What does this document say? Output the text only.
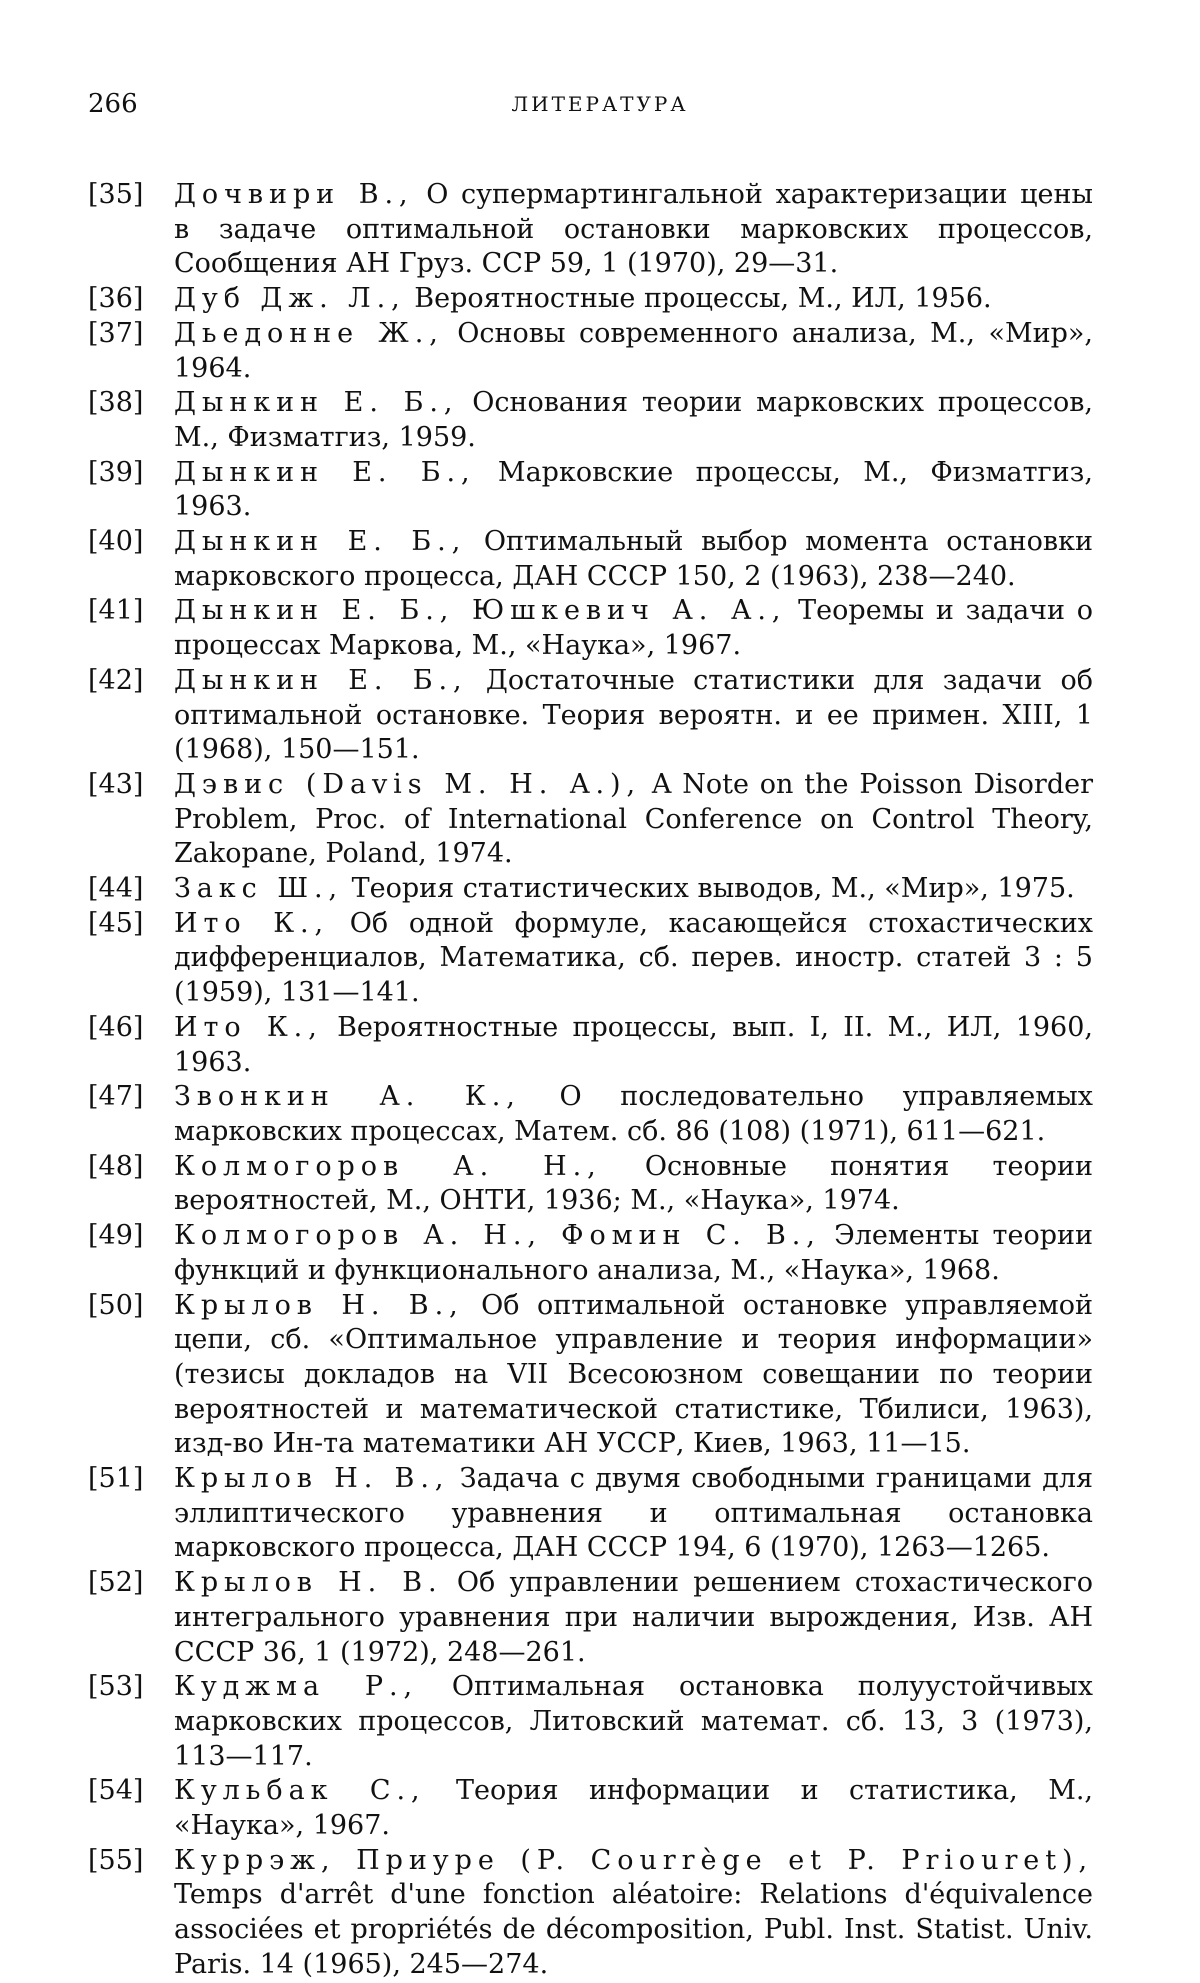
266	ЛИТЕРАТУРА
[35] Дочвири В., О супермартингальной характеризации цены в задаче оптимальной остановки марковских процессов, Сообщения АН Груз. ССР 59, 1 (1970), 29—31.
[36] Дуб Дж. Л., Вероятностные процессы, М., ИЛ, 1956.
[37] Дьедонне Ж., Основы современного анализа, М., «Мир», 1964.
[38] Дынкин Е. Б., Основания теории марковских процессов, М., Физматгиз, 1959.
[39] Дынкин Е. Б., Марковские процессы, М., Физматгиз, 1963.
[40] Дынкин Е. Б., Оптимальный выбор момента остановки марковского процесса, ДАН СССР 150, 2 (1963), 238—240.
[41] Дынкин Е. Б., Юшкевич А. А., Теоремы и задачи о процессах Маркова, М., «Наука», 1967.
[42] Дынкин Е. Б., Достаточные статистики для задачи об оптимальной остановке. Теория вероятн. и ее примен. XIII, 1 (1968), 150—151.
[43] Дэвис (Davis M. H. A.), A Note on the Poisson Disorder Problem, Proc. of International Conference on Control Theory, Zakopane, Poland, 1974.
[44] Закс Ш., Теория статистических выводов, М., «Мир», 1975.
[45] Ито К., Об одной формуле, касающейся стохастических дифференциалов, Математика, сб. перев. иностр. статей 3 : 5 (1959), 131—141.
[46] Ито К., Вероятностные процессы, вып. I, II. М., ИЛ, 1960, 1963.
[47] Звонкин А. К., О последовательно управляемых марковских процессах, Матем. сб. 86 (108) (1971), 611—621.
[48] Колмогоров А. Н., Основные понятия теории вероятностей, М., ОНТИ, 1936; М., «Наука», 1974.
[49] Колмогоров А. Н., Фомин С. В., Элементы теории функций и функционального анализа, М., «Наука», 1968.
[50] Крылов Н. В., Об оптимальной остановке управляемой цепи, сб. «Оптимальное управление и теория информации» (тезисы докладов на VII Всесоюзном совещании по теории вероятностей и математической статистике, Тбилиси, 1963), изд-во Ин-та математики АН УССР, Киев, 1963, 11—15.
[51] Крылов Н. В., Задача с двумя свободными границами для эллиптического уравнения и оптимальная остановка марковского процесса, ДАН СССР 194, 6 (1970), 1263—1265.
[52] Крылов Н. В. Об управлении решением стохастического интегрального уравнения при наличии вырождения, Изв. АН СССР 36, 1 (1972), 248—261.
[53] Куджма Р., Оптимальная остановка полуустойчивых марковских процессов, Литовский математ. сб. 13, 3 (1973), 113—117.
[54] Кульбак С., Теория информации и статистика, М., «Наука», 1967.
[55] Куррэж, Приуре (P. Courrège et P. Priouret), Temps d'arrêt d'une fonction aléatoire: Relations d'équivalence associées et propriétés de décomposition, Publ. Inst. Statist. Univ. Paris. 14 (1965), 245—274.
